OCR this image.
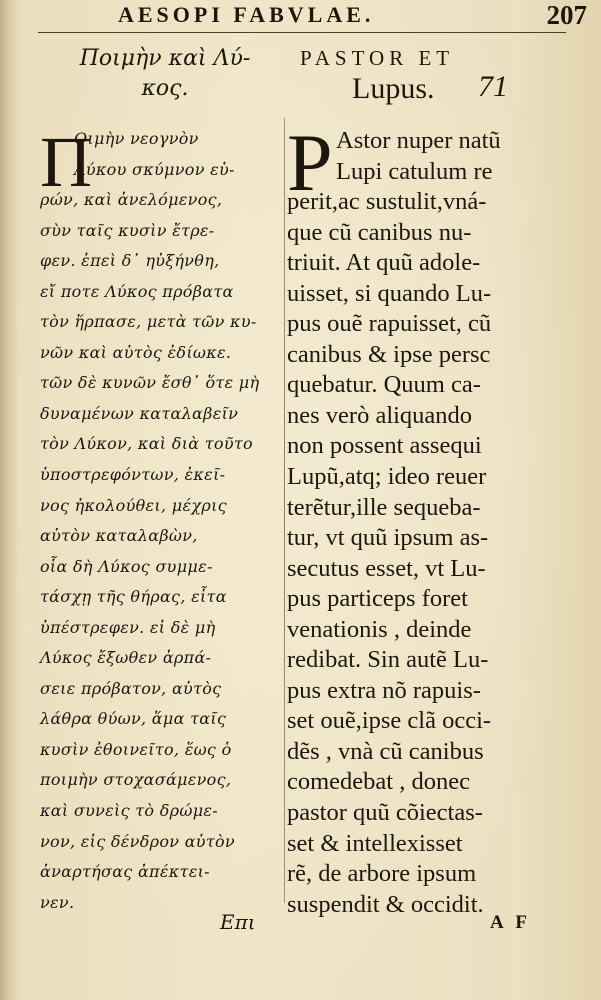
AESOPI FABVLAE.	207
Ποιμὴν καὶ Λύ-
κος.
PASTOR ET
Lupus.	71
Π
Οιμὴν νεογνὸν
Λύκου σκύμνον εὑ-
ρών, καὶ ἀνελόμενος,
σὺν ταῖς κυσὶν ἔτρε-
φεν. ἐπεὶ δ᾽ ηὐξήνθη,
εἴ ποτε Λύκος πρόβατα
τὸν ἥρπασε, μετὰ τῶν κυ-
νῶν καὶ αὐτὸς ἐδίωκε.
τῶν δὲ κυνῶν ἔσθ᾽ ὅτε μὴ
δυναμένων καταλαβεῖν
τὸν Λύκον, καὶ διὰ τοῦτο
ὑποστρεφόντων, ἐκεῖ-
νος ἠκολούθει, μέχρις
αὐτὸν καταλαβὼν,
οἷα δὴ Λύκος συμμε-
τάσχῃ τῆς θήρας, εἶτα
ὑπέστρεφεν. εἰ δὲ μὴ
Λύκος ἔξωθεν ἁρπά-
σειε πρόβατον, αὐτὸς
λάθρα θύων, ἅμα ταῖς
κυσὶν ἐθοινεῖτο, ἕως ὁ
ποιμὴν στοχασάμενος,
καὶ συνεὶς τὸ δρώμε-
νον, εἰς δένδρον αὐτὸν
ἀναρτήσας ἀπέκτει-
νεν.
P Astor nuper natũ
Lupi catulum re
perit,ac sustulit,vná-
que cũ canibus nu-
triuit. At quũ adole-
uisset, si quando Lu-
pus ouẽ rapuisset, cũ
canibus & ipse persc
quebatur. Quum ca-
nes verò aliquando
non possent assequi
Lupũ,atq; ideo reuer
terẽtur,ille sequeba-
tur, vt quũ ipsum as-
secutus esset, vt Lu-
pus particeps foret
venationis , deinde
redibat. Sin autẽ Lu-
pus extra nõ rapuis-
set ouẽ,ipse clã occi-
dẽs , vnà cũ canibus
comedebat , donec
pastor quũ cõiectas-
set & intellexisset
rẽ, de arbore ipsum
suspendit & occidit.
Επι	A F
